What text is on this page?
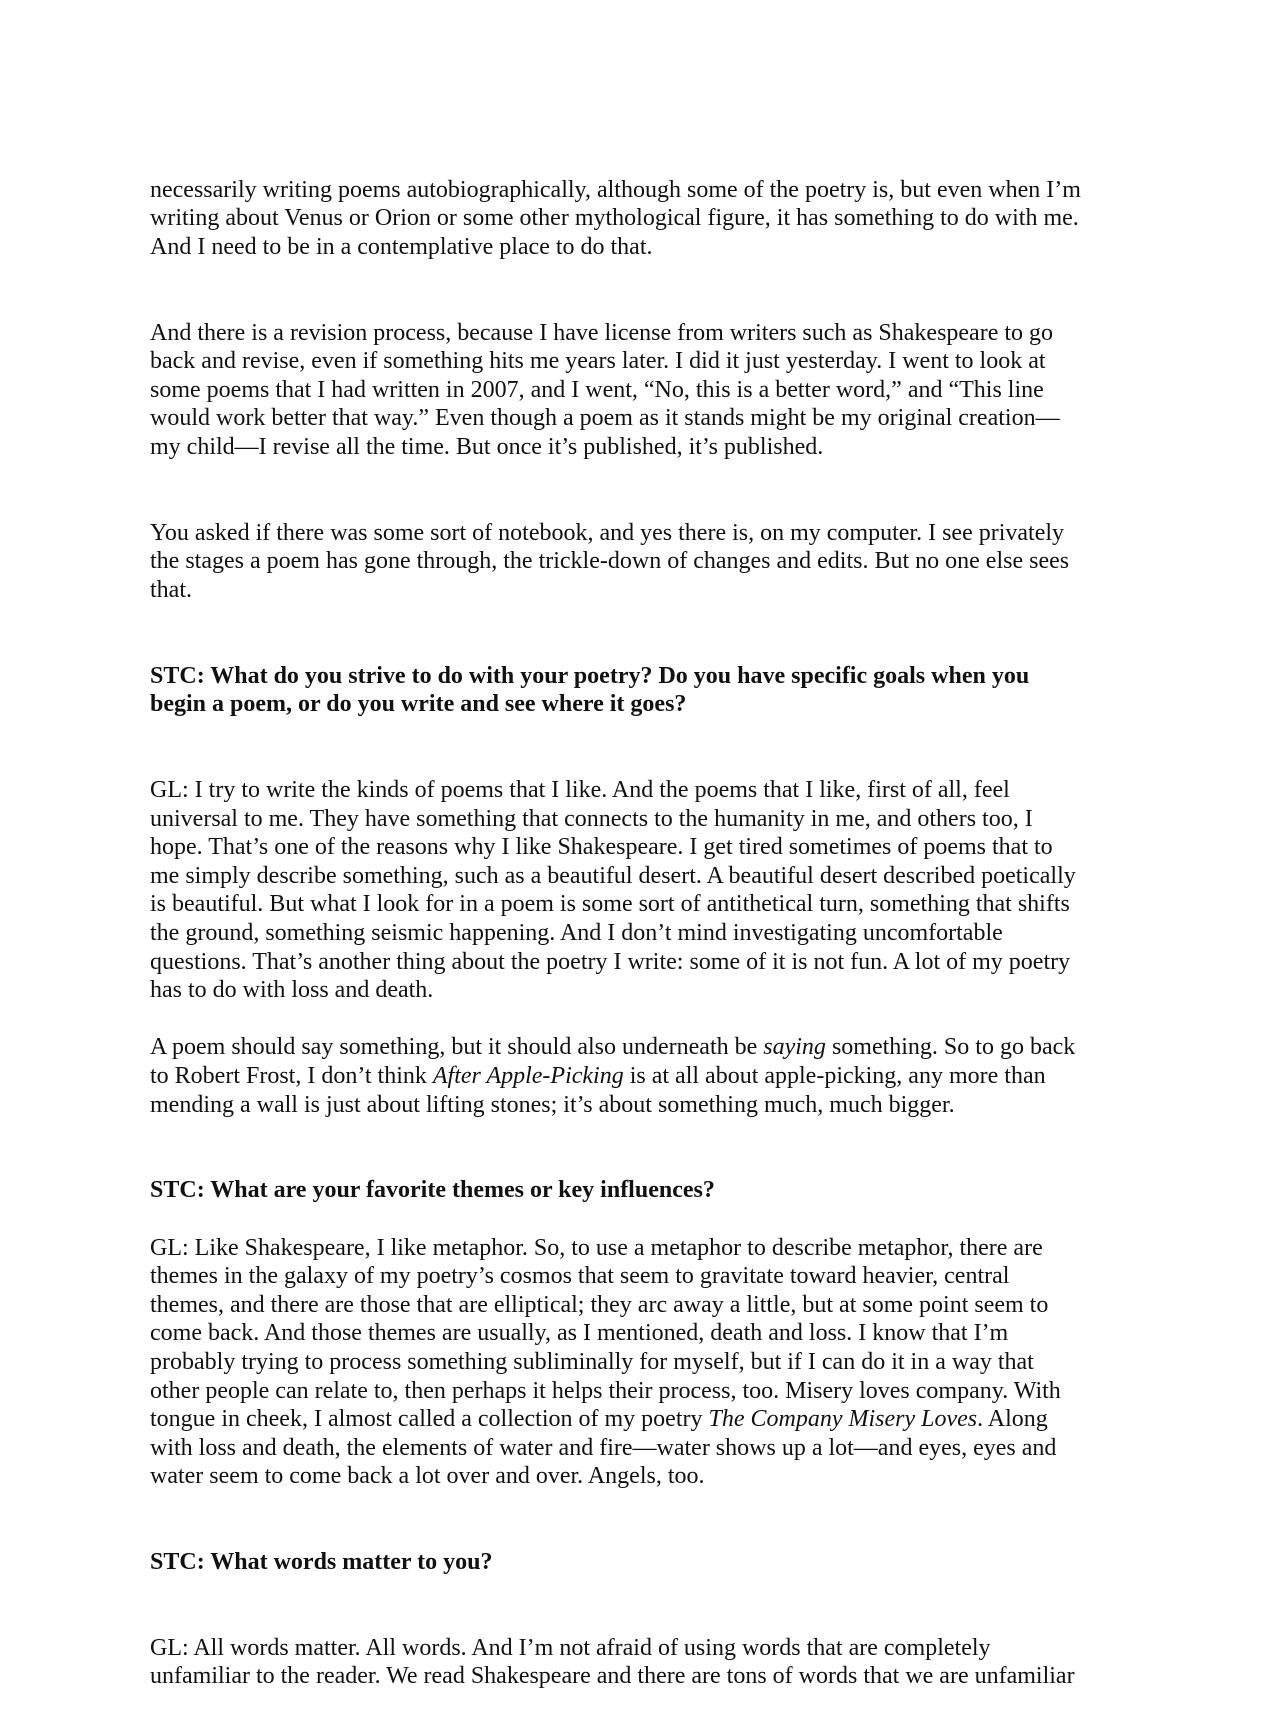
necessarily writing poems autobiographically, although some of the poetry is, but even when I’m
writing about Venus or Orion or some other mythological figure, it has something to do with me.
And I need to be in a contemplative place to do that.

And there is a revision process, because I have license from writers such as Shakespeare to go
back and revise, even if something hits me years later. I did it just yesterday. I went to look at
some poems that I had written in 2007, and I went, “No, this is a better word,” and “This line
would work better that way.” Even though a poem as it stands might be my original creation—
my child—I revise all the time. But once it’s published, it’s published.

You asked if there was some sort of notebook, and yes there is, on my computer. I see privately
the stages a poem has gone through, the trickle-down of changes and edits. But no one else sees
that.

STC: What do you strive to do with your poetry? Do you have specific goals when you
begin a poem, or do you write and see where it goes?

GL: I try to write the kinds of poems that I like. And the poems that I like, first of all, feel
universal to me. They have something that connects to the humanity in me, and others too, I
hope. That’s one of the reasons why I like Shakespeare. I get tired sometimes of poems that to
me simply describe something, such as a beautiful desert. A beautiful desert described poetically
is beautiful. But what I look for in a poem is some sort of antithetical turn, something that shifts
the ground, something seismic happening. And I don’t mind investigating uncomfortable
questions. That’s another thing about the poetry I write: some of it is not fun. A lot of my poetry
has to do with loss and death.

A poem should say something, but it should also underneath be saying something. So to go back
to Robert Frost, I don’t think After Apple-Picking is at all about apple-picking, any more than
mending a wall is just about lifting stones; it’s about something much, much bigger.

STC: What are your favorite themes or key influences?

GL: Like Shakespeare, I like metaphor. So, to use a metaphor to describe metaphor, there are
themes in the galaxy of my poetry’s cosmos that seem to gravitate toward heavier, central
themes, and there are those that are elliptical; they arc away a little, but at some point seem to
come back. And those themes are usually, as I mentioned, death and loss. I know that I’m
probably trying to process something subliminally for myself, but if I can do it in a way that
other people can relate to, then perhaps it helps their process, too. Misery loves company. With
tongue in cheek, I almost called a collection of my poetry The Company Misery Loves. Along
with loss and death, the elements of water and fire—water shows up a lot—and eyes, eyes and
water seem to come back a lot over and over. Angels, too.

STC: What words matter to you?

GL: All words matter. All words. And I’m not afraid of using words that are completely
unfamiliar to the reader. We read Shakespeare and there are tons of words that we are unfamiliar
